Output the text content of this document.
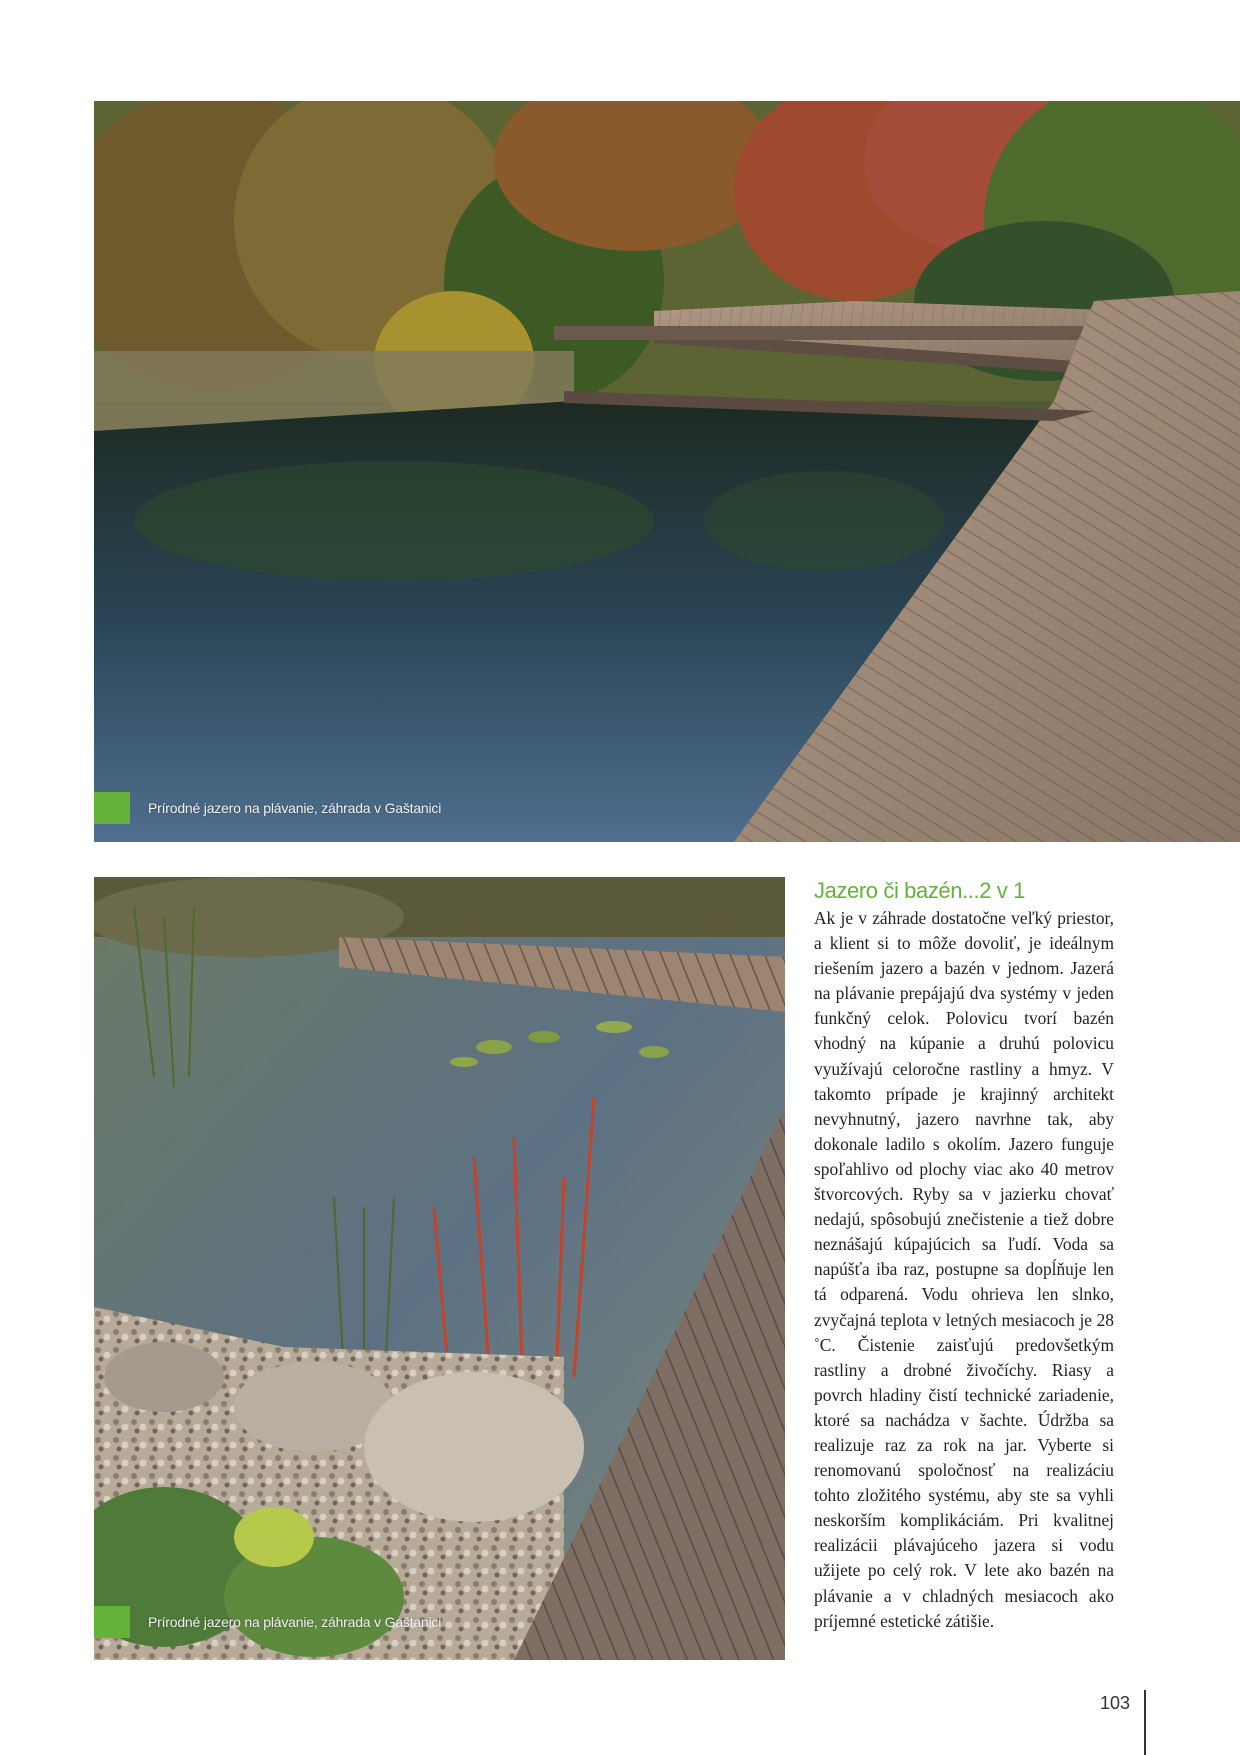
Prírodné jazero na plávanie, záhrada v Gaštanici
Prírodné jazero na plávanie, záhrada v Gaštanici
Jazero či bazén...2 v 1

Ak je v záhrade dostatočne veľký priestor, a klient si to môže dovoliť, je ideálnym riešením jazero a bazén v jednom. Jazerá na plávanie prepájajú dva systémy v jeden funkčný celok. Polovicu tvorí bazén vhodný na kúpanie a druhú polovicu využívajú celoročne rastliny a hmyz. V takomto prípade je krajinný architekt nevyhnutný, jazero navrhne tak, aby dokonale ladilo s okolím. Jazero funguje spoľahlivo od plochy viac ako 40 metrov štvorcových. Ryby sa v jazierku chovať nedajú, spôsobujú znečistenie a tiež dobre neznášajú kúpajúcich sa ľudí. Voda sa napúšťa iba raz, postupne sa dopĺňuje len tá odparená. Vodu ohrieva len slnko, zvyčajná teplota v letných mesiacoch je 28 ˚C. Čistenie zaisťujú predovšetkým rastliny a drobné živočíchy. Riasy a povrch hladiny čistí technické zariadenie, ktoré sa nachádza v šachte. Údržba sa realizuje raz za rok na jar. Vyberte si renomovanú spoločnosť na realizáciu tohto zložitého systému, aby ste sa vyhli neskorším komplikáciám. Pri kvalitnej realizácii plávajúceho jazera si vodu užijete po celý rok. V lete ako bazén na plávanie a v chladných mesiacoch ako príjemné estetické zátišie.

103
